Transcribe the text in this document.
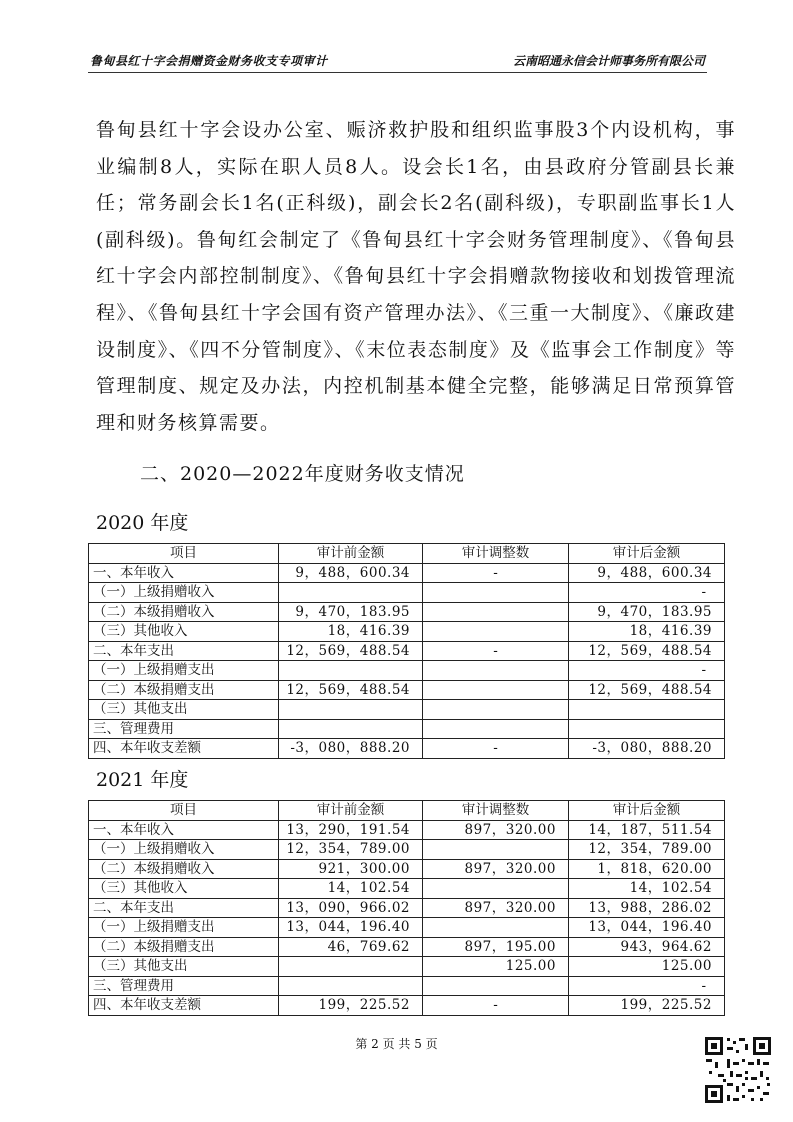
鲁甸县红十字会捐赠资金财务收支专项审计	云南昭通永信会计师事务所有限公司
鲁甸县红十字会设办公室、赈济救护股和组织监事股3个内设机构，事业编制8人，实际在职人员8人。设会长1名，由县政府分管副县长兼任；常务副会长1名(正科级)，副会长2名(副科级)，专职副监事长1人(副科级)。鲁甸红会制定了《鲁甸县红十字会财务管理制度》、《鲁甸县红十字会内部控制制度》、《鲁甸县红十字会捐赠款物接收和划拨管理流程》、《鲁甸县红十字会国有资产管理办法》、《三重一大制度》、《廉政建设制度》、《四不分管制度》、《末位表态制度》及《监事会工作制度》等管理制度、规定及办法，内控机制基本健全完整，能够满足日常预算管理和财务核算需要。
二、2020—2022年度财务收支情况
2020 年度
项目	审计前金额	审计调整数	审计后金额
一、本年收入	9，488，600.34	-	9，488，600.34
（一）上级捐赠收入			-
（二）本级捐赠收入	9，470，183.95		9，470，183.95
（三）其他收入	18，416.39		18，416.39
二、本年支出	12，569，488.54	-	12，569，488.54
（一）上级捐赠支出			-
（二）本级捐赠支出	12，569，488.54		12，569，488.54
（三）其他支出			
三、管理费用			
四、本年收支差额	-3，080，888.20	-	-3，080，888.20
2021 年度
项目	审计前金额	审计调整数	审计后金额
一、本年收入	13，290，191.54	897，320.00	14，187，511.54
（一）上级捐赠收入	12，354，789.00		12，354，789.00
（二）本级捐赠收入	921，300.00	897，320.00	1，818，620.00
（三）其他收入	14，102.54		14，102.54
二、本年支出	13，090，966.02	897，320.00	13，988，286.02
（一）上级捐赠支出	13，044，196.40		13，044，196.40
（二）本级捐赠支出	46，769.62	897，195.00	943，964.62
（三）其他支出		125.00	125.00
三、管理费用			-
四、本年收支差额	199，225.52	-	199，225.52
第 2 页 共 5 页
